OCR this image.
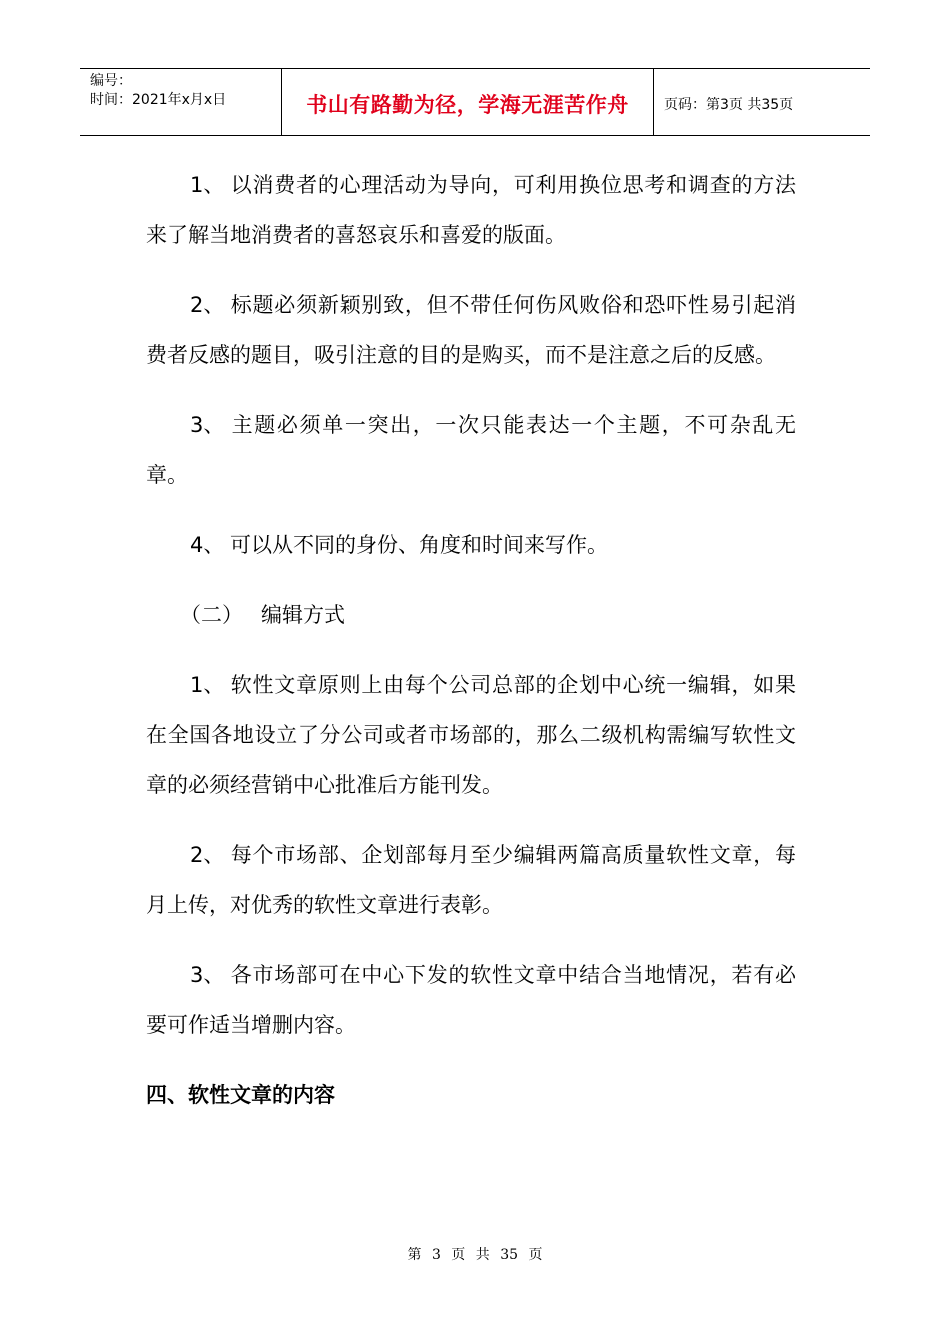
编号：
时间：2021年x月x日	书山有路勤为径，学海无涯苦作舟	页码：第3页 共35页

1、 以消费者的心理活动为导向，可利用换位思考和调查的方法来了解当地消费者的喜怒哀乐和喜爱的版面。

2、 标题必须新颖别致，但不带任何伤风败俗和恐吓性易引起消费者反感的题目，吸引注意的目的是购买，而不是注意之后的反感。

3、 主题必须单一突出，一次只能表达一个主题，不可杂乱无章。

4、 可以从不同的身份、角度和时间来写作。

（二） 编辑方式

1、 软性文章原则上由每个公司总部的企划中心统一编辑，如果在全国各地设立了分公司或者市场部的，那么二级机构需编写软性文章的必须经营销中心批准后方能刊发。

2、 每个市场部、企划部每月至少编辑两篇高质量软性文章，每月上传，对优秀的软性文章进行表彰。

3、 各市场部可在中心下发的软性文章中结合当地情况，若有必要可作适当增删内容。

四、软性文章的内容

第 3 页 共 35 页
